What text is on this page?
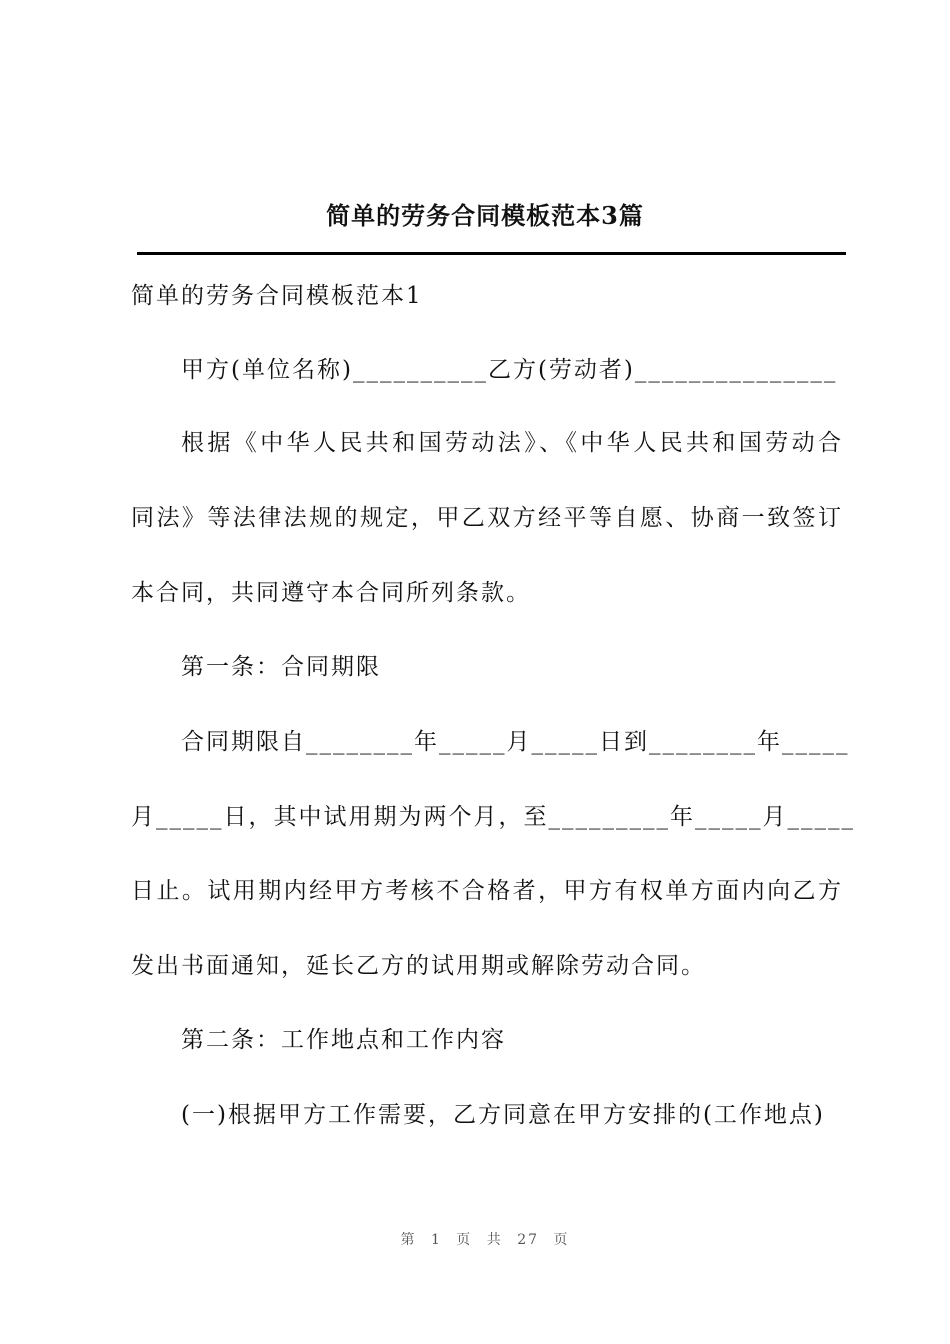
简单的劳务合同模板范本3篇
简单的劳务合同模板范本1
甲方(单位名称)__________乙方(劳动者)_______________
根据《中华人民共和国劳动法》、《中华人民共和国劳动合
同法》等法律法规的规定，甲乙双方经平等自愿、协商一致签订
本合同，共同遵守本合同所列条款。
第一条：合同期限
合同期限自________年_____月_____日到________年_____
月_____日，其中试用期为两个月，至_________年_____月_____
日止。试用期内经甲方考核不合格者，甲方有权单方面内向乙方
发出书面通知，延长乙方的试用期或解除劳动合同。
第二条：工作地点和工作内容
(一)根据甲方工作需要，乙方同意在甲方安排的(工作地点)
第 1 页 共 27 页
